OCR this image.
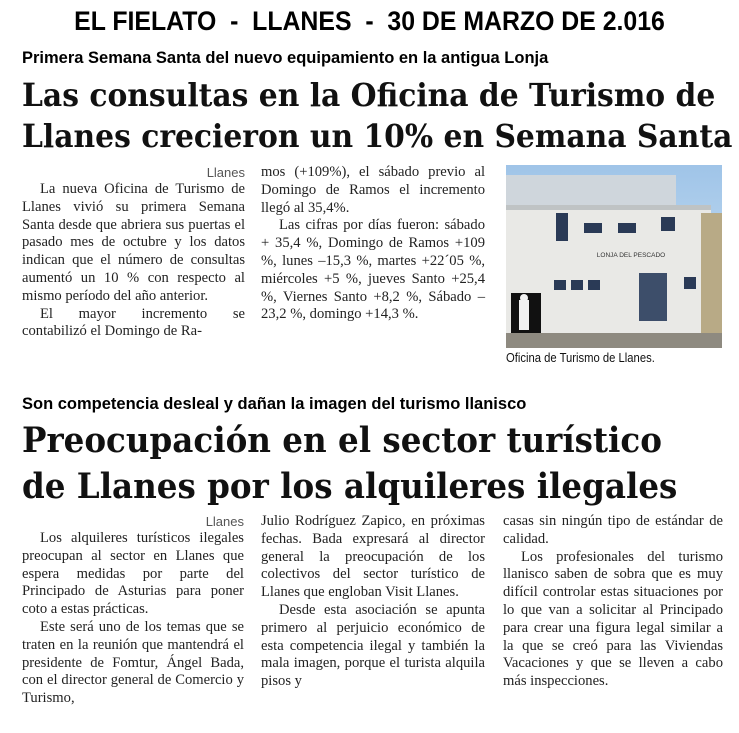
EL FIELATO  -  LLANES  -  30 DE MARZO DE 2.016
Primera Semana Santa del nuevo equipamiento en la antigua Lonja
Las consultas en la Oficina de Turismo de
Llanes crecieron un 10% en Semana Santa
Llanes

La nueva Oficina de Turismo de Llanes vivió su primera Semana Santa desde que abriera sus puertas el pasado mes de octubre y los datos indican que el número de consultas aumentó un 10 % con respecto al mismo período del año anterior.

El mayor incremento se contabilizó el Domingo de Ra-

mos (+109%), el sábado previo al Domingo de Ramos el incremento llegó al 35,4%.

Las cifras por días fueron: sábado + 35,4 %, Domingo de Ramos +109 %, lunes –15,3 %, martes +22´05 %, miércoles +5 %, jueves Santo +25,4 %, Viernes Santo +8,2 %, Sábado –23,2 %, domingo +14,3 %.

LONJA DEL PESCADO
Oficina de Turismo de Llanes.
Son competencia desleal y dañan la imagen del turismo llanisco
Preocupación en el sector turístico
de Llanes por los alquileres ilegales
Llanes

Los alquileres turísticos ilegales preocupan al sector en Llanes que espera medidas por parte del Principado de Asturias para poner coto a estas prácticas.

Este será uno de los temas que se traten en la reunión que mantendrá el presidente de Fomtur, Ángel Bada, con el director general de Comercio y Turismo,

Julio Rodríguez Zapico, en próximas fechas. Bada expresará al director general la preocupación de los colectivos del sector turístico de Llanes que engloban Visit Llanes.

Desde esta asociación se apunta primero al perjuicio económico de esta competencia ilegal y también la mala imagen, porque el turista alquila pisos y

casas sin ningún tipo de estándar de calidad.

Los profesionales del turismo llanisco saben de sobra que es muy difícil controlar estas situaciones por lo que van a solicitar al Principado para crear una figura legal similar a la que se creó para las Viviendas Vacaciones y que se lleven a cabo más inspecciones.
